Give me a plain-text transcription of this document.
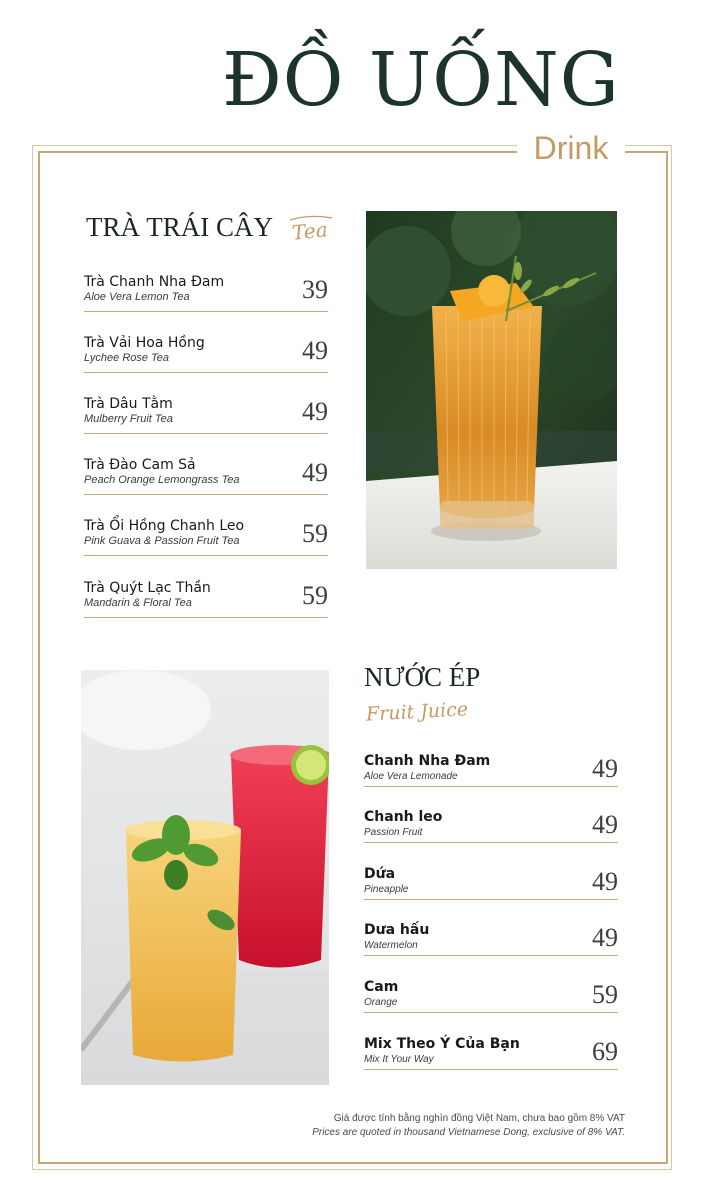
ĐỒ UỐNG
Drink
TRÀ TRÁI CÂY Tea
Trà Chanh Nha Đam
Aloe Vera Lemon Tea	39
Trà Vải Hoa Hồng
Lychee Rose Tea	49
Trà Dâu Tằm
Mulberry Fruit Tea	49
Trà Đào Cam Sả
Peach Orange Lemongrass Tea 49
Trà Ổi Hồng Chanh Leo
Pink Guava & Passion Fruit Tea 59
Trà Quýt Lạc Thần
Mandarin & Floral Tea	59
NƯỚC ÉP
Fruit Juice
Chanh Nha Đam
Aloe Vera Lemonade	49
Chanh leo
Passion Fruit	49
Dứa
Pineapple	49
Dưa hấu
Watermelon	49
Cam
Orange	59
Mix Theo Ý Của Bạn
Mix It Your Way	69
Giá được tính bằng nghìn đồng Việt Nam, chưa bao gồm 8% VAT
Prices are quoted in thousand Vietnamese Dong, exclusive of 8% VAT.
